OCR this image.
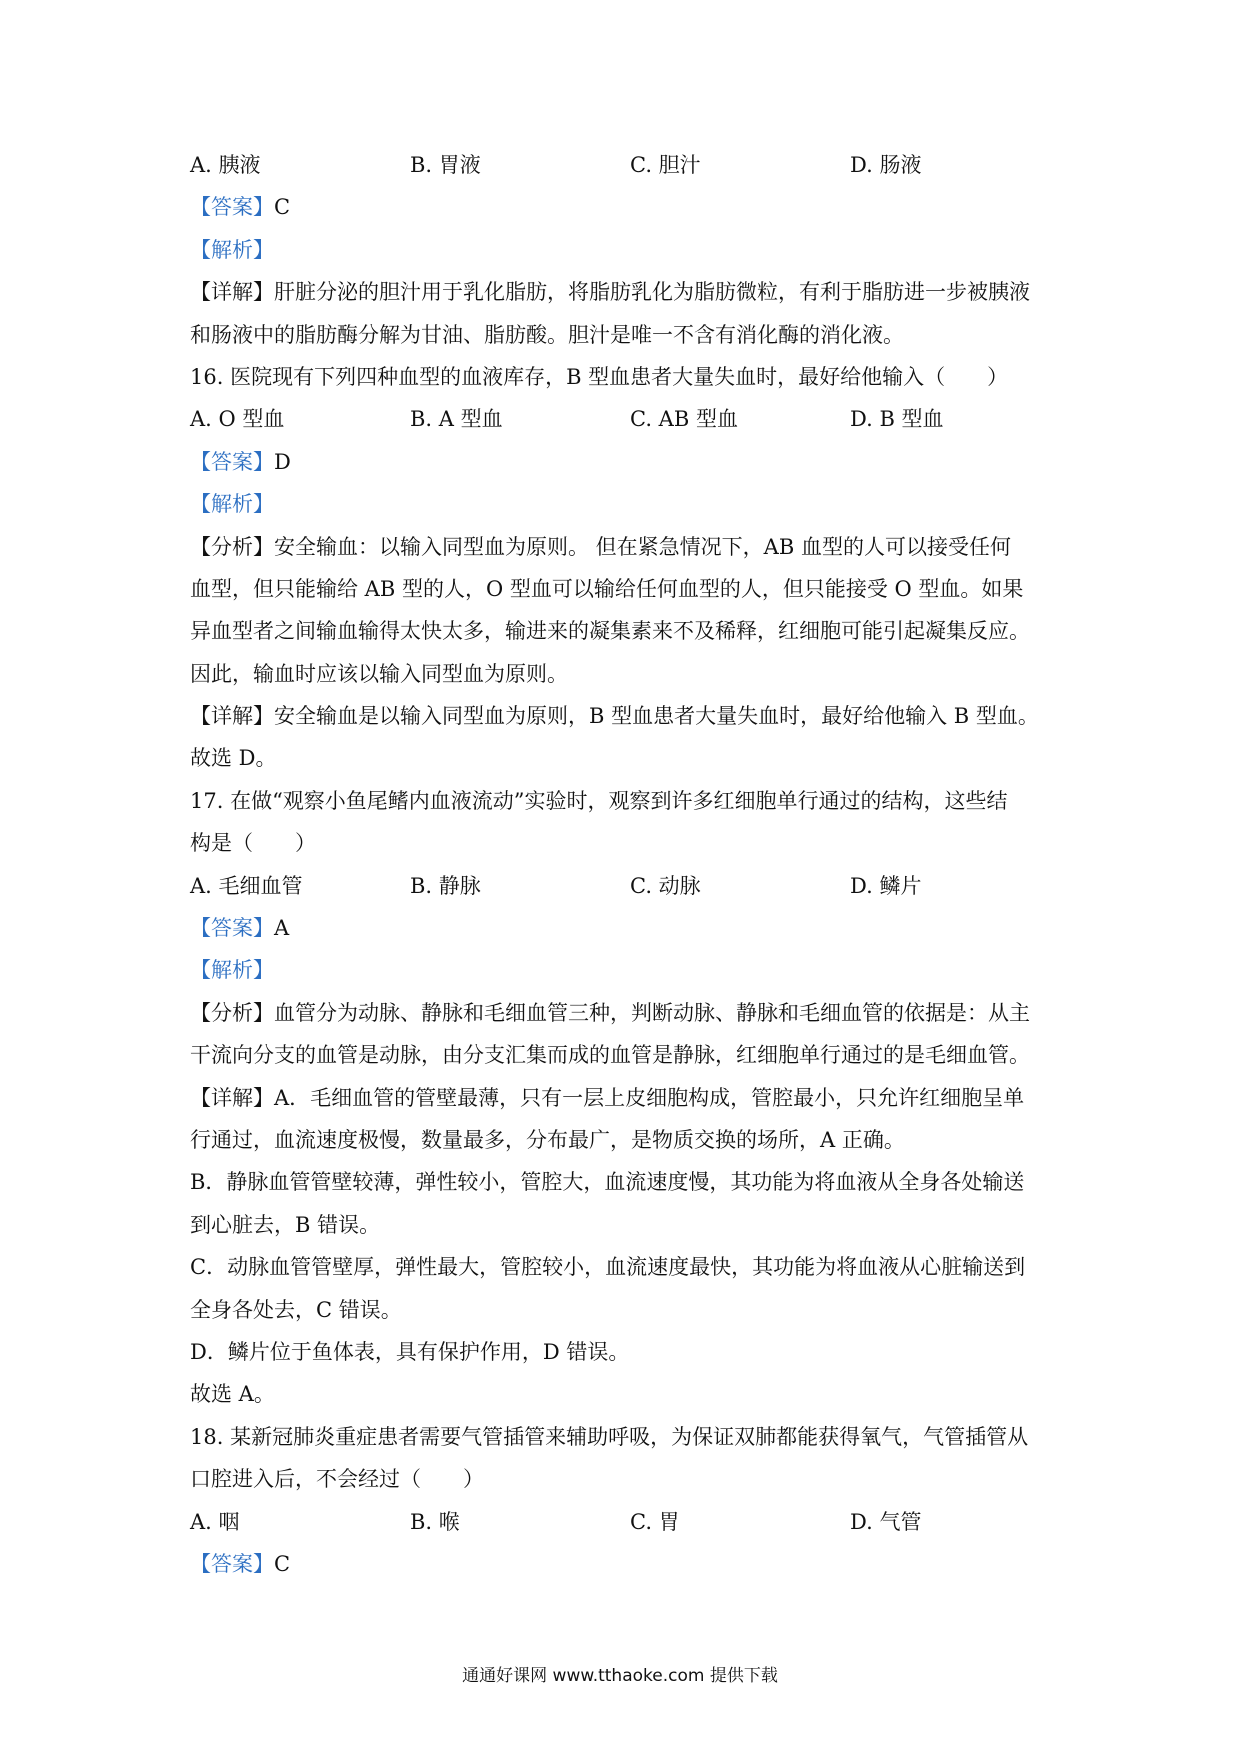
A. 胰液	B. 胃液	C. 胆汁	D. 肠液
【答案】C
【解析】
【详解】肝脏分泌的胆汁用于乳化脂肪，将脂肪乳化为脂肪微粒，有利于脂肪进一步被胰液
和肠液中的脂肪酶分解为甘油、脂肪酸。胆汁是唯一不含有消化酶的消化液。
16. 医院现有下列四种血型的血液库存，B 型血患者大量失血时，最好给他输入（　　）
A. O 型血	B. A 型血	C. AB 型血	D. B 型血
【答案】D
【解析】
【分析】安全输血：以输入同型血为原则。 但在紧急情况下，AB 血型的人可以接受任何
血型，但只能输给 AB 型的人，O 型血可以输给任何血型的人，但只能接受 O 型血。如果
异血型者之间输血输得太快太多，输进来的凝集素来不及稀释，红细胞可能引起凝集反应。
因此，输血时应该以输入同型血为原则。
【详解】安全输血是以输入同型血为原则，B 型血患者大量失血时，最好给他输入 B 型血。
故选 D。
17. 在做“观察小鱼尾鳍内血液流动”实验时，观察到许多红细胞单行通过的结构，这些结
构是（　　）
A. 毛细血管	B. 静脉	C. 动脉	D. 鳞片
【答案】A
【解析】
【分析】血管分为动脉、静脉和毛细血管三种，判断动脉、静脉和毛细血管的依据是：从主
干流向分支的血管是动脉，由分支汇集而成的血管是静脉，红细胞单行通过的是毛细血管。
【详解】A．毛细血管的管壁最薄，只有一层上皮细胞构成，管腔最小，只允许红细胞呈单
行通过，血流速度极慢，数量最多，分布最广，是物质交换的场所，A 正确。
B．静脉血管管壁较薄，弹性较小，管腔大，血流速度慢，其功能为将血液从全身各处输送
到心脏去，B 错误。
C．动脉血管管壁厚，弹性最大，管腔较小，血流速度最快，其功能为将血液从心脏输送到
全身各处去，C 错误。
D．鳞片位于鱼体表，具有保护作用，D 错误。
故选 A。
18. 某新冠肺炎重症患者需要气管插管来辅助呼吸，为保证双肺都能获得氧气，气管插管从
口腔进入后，不会经过（　　）
A. 咽	B. 喉	C. 胃	D. 气管
【答案】C
通通好课网 www.tthaoke.com 提供下载
